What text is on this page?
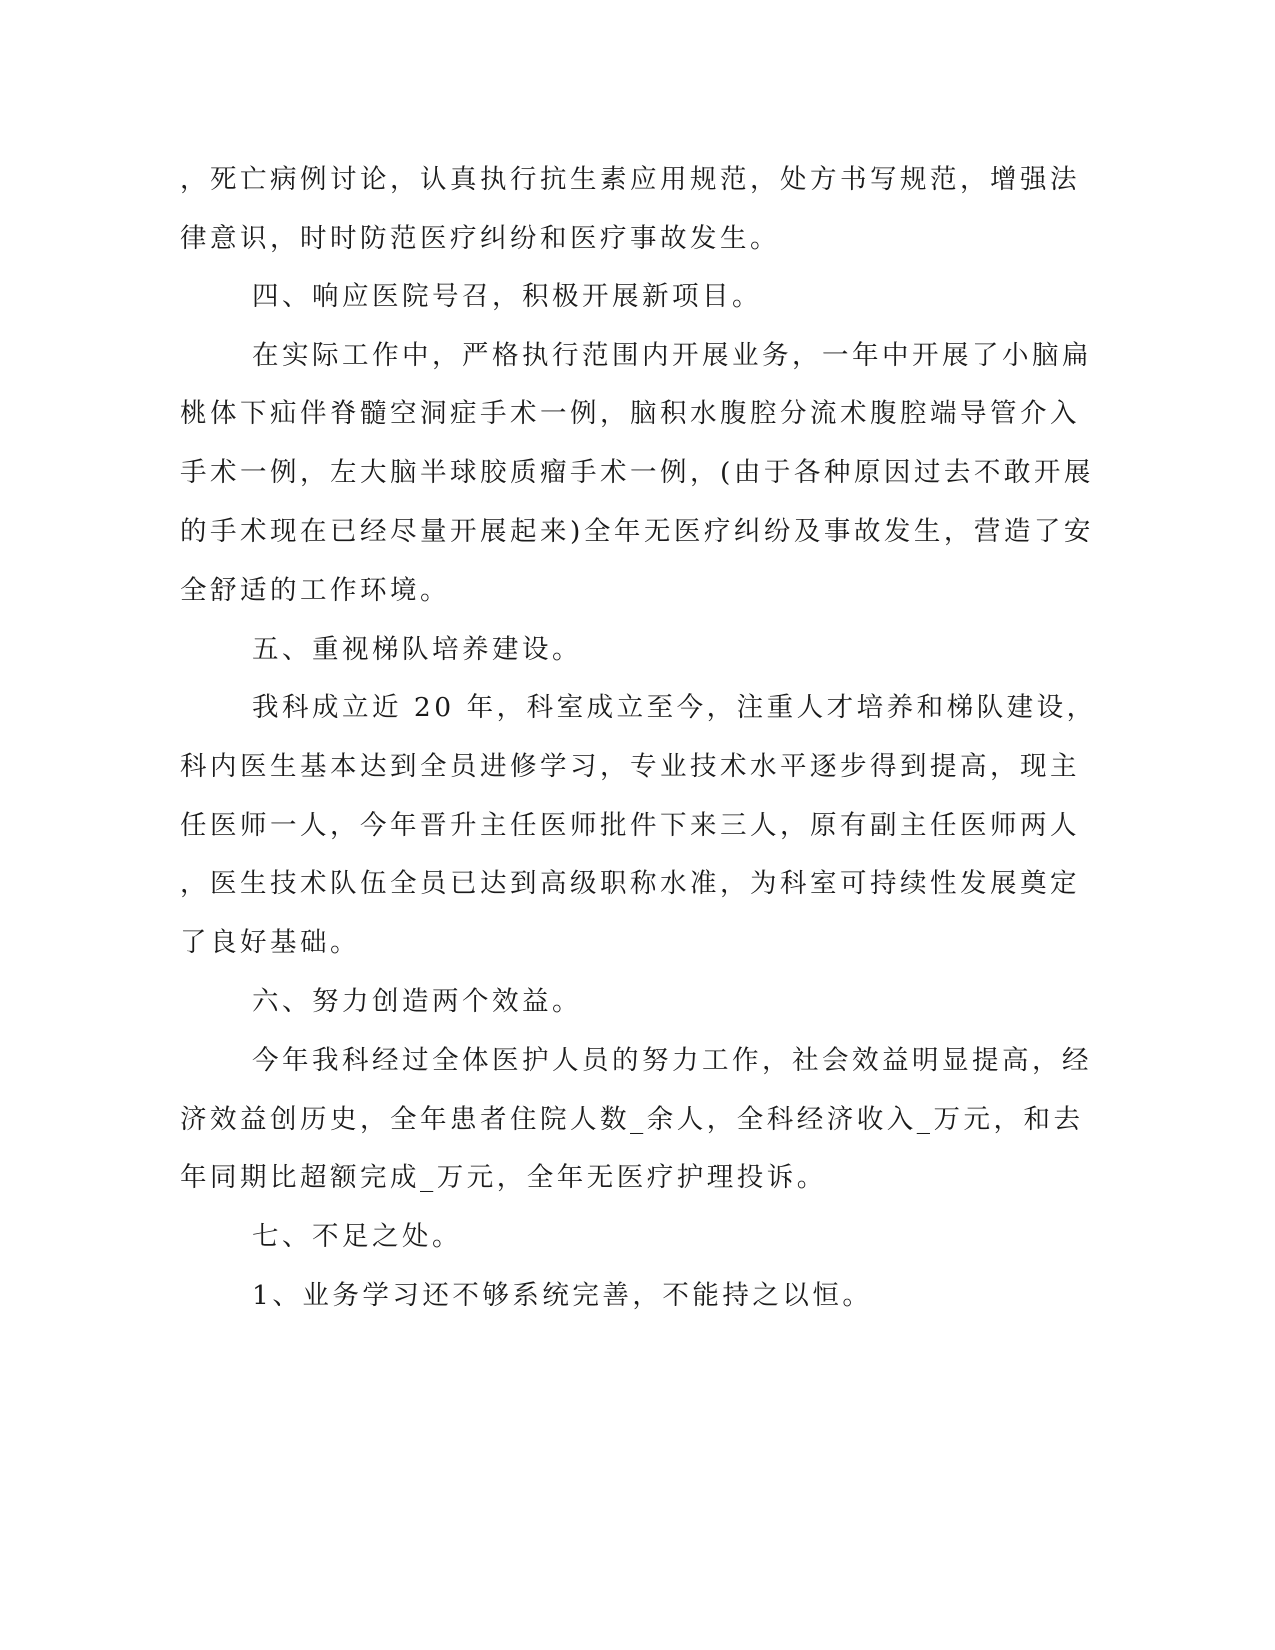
，死亡病例讨论，认真执行抗生素应用规范，处方书写规范，增强法
律意识，时时防范医疗纠纷和医疗事故发生。
四、响应医院号召，积极开展新项目。
在实际工作中，严格执行范围内开展业务，一年中开展了小脑扁
桃体下疝伴脊髓空洞症手术一例，脑积水腹腔分流术腹腔端导管介入
手术一例，左大脑半球胶质瘤手术一例，(由于各种原因过去不敢开展
的手术现在已经尽量开展起来)全年无医疗纠纷及事故发生，营造了安
全舒适的工作环境。
五、重视梯队培养建设。
我科成立近 20 年，科室成立至今，注重人才培养和梯队建设，
科内医生基本达到全员进修学习，专业技术水平逐步得到提高，现主
任医师一人，今年晋升主任医师批件下来三人，原有副主任医师两人
，医生技术队伍全员已达到高级职称水准，为科室可持续性发展奠定
了良好基础。
六、努力创造两个效益。
今年我科经过全体医护人员的努力工作，社会效益明显提高，经
济效益创历史，全年患者住院人数_余人，全科经济收入_万元，和去
年同期比超额完成_万元，全年无医疗护理投诉。
七、不足之处。
1、业务学习还不够系统完善，不能持之以恒。
